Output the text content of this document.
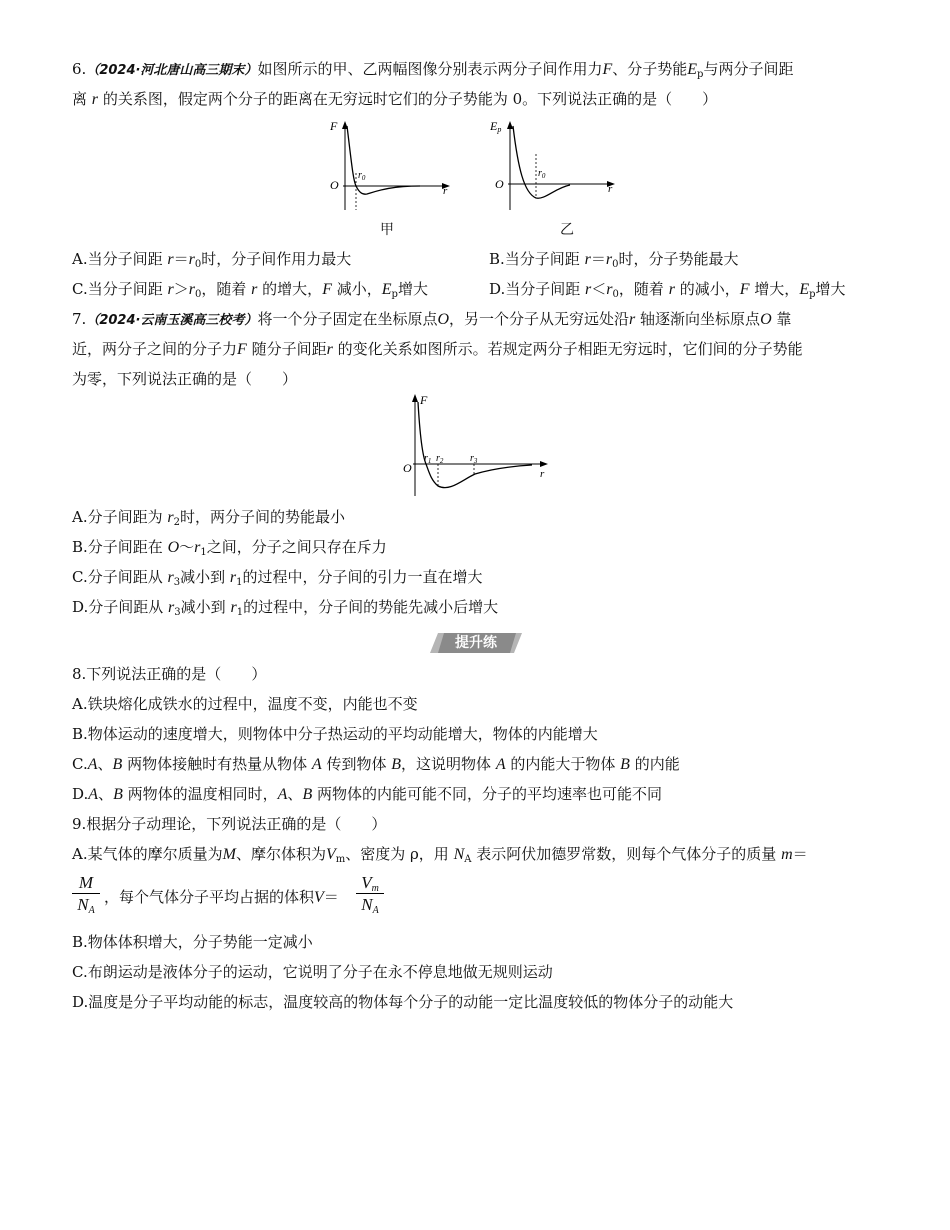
6.（2024·河北唐山高三期末）如图所示的甲、乙两幅图像分别表示两分子间作用力F、分子势能$E_p$与两分子间距
离 r 的关系图，假定两个分子的距离在无穷远时它们的分子势能为 0。下列说法正确的是（　　）
F
O
$r_0$
r
甲
Ep
O
$r_0$
r
乙
A.当分子间距 $r=r_0$时，分子间作用力最大	B.当分子间距 $r=r_0$时，分子势能最大
C.当分子间距 $r>r_0$，随着 r 的增大，F 减小，$E_p$增大	D.当分子间距 $r<r_0$，随着 r 的减小，F 增大，$E_p$增大
7.（2024·云南玉溪高三校考）将一个分子固定在坐标原点O，另一个分子从无穷远处沿r 轴逐渐向坐标原点O 靠
近，两分子之间的分子力F 随分子间距r 的变化关系如图所示。若规定两分子相距无穷远时，它们间的分子势能
为零，下列说法正确的是（　　）
F
O
$r_1$ $r_2$	$r_3$
r
A.分子间距为 $r_2$时，两分子间的势能最小
B.分子间距在 $O\sim r_1$之间，分子之间只存在斥力
C.分子间距从 $r_3$减小到 $r_1$的过程中，分子间的引力一直在增大
D.分子间距从 $r_3$减小到 $r_1$的过程中，分子间的势能先减小后增大
提升练
8.下列说法正确的是（　　）
A.铁块熔化成铁水的过程中，温度不变，内能也不变
B.物体运动的速度增大，则物体中分子热运动的平均动能增大，物体的内能增大
C.A、B 两物体接触时有热量从物体 A 传到物体 B，这说明物体 A 的内能大于物体 B 的内能
D.A、B 两物体的温度相同时，A、B 两物体的内能可能不同，分子的平均速率也可能不同
9.根据分子动理论，下列说法正确的是（　　）
A.某气体的摩尔质量为M、摩尔体积为$V_m$、密度为 ρ，用 $N_A$ 表示阿伏加德罗常数，则每个气体分子的质量 m＝
$\frac{M}{N_A}$ ，每个气体分子平均占据的体积$V= \frac{V_m}{N_A}$
B.物体体积增大，分子势能一定减小
C.布朗运动是液体分子的运动，它说明了分子在永不停息地做无规则运动
D.温度是分子平均动能的标志，温度较高的物体每个分子的动能一定比温度较低的物体分子的动能大
